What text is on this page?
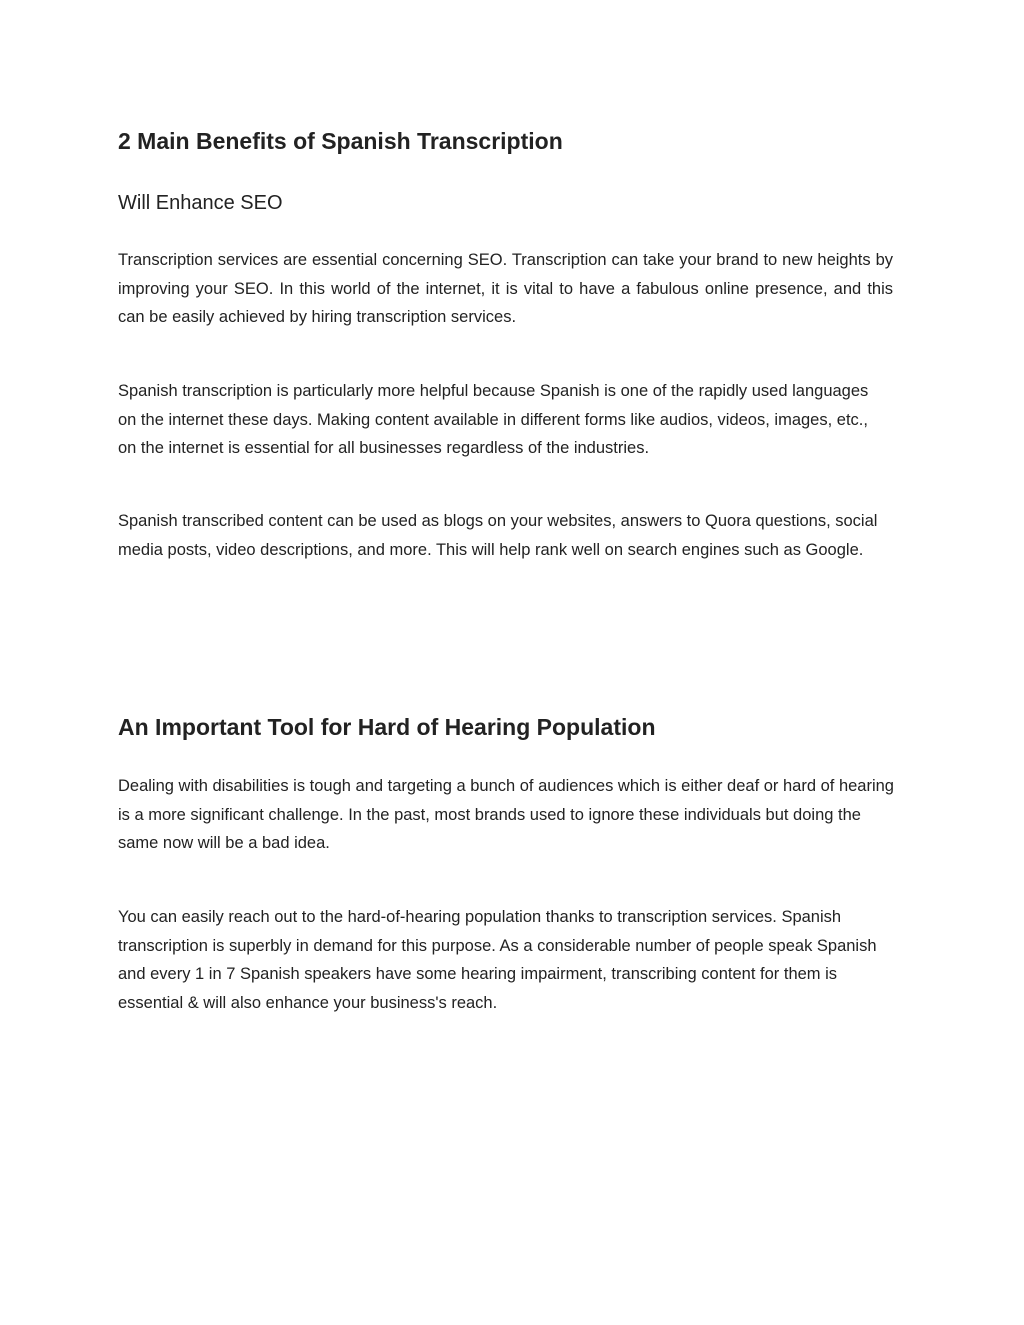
2 Main Benefits of Spanish Transcription
Will Enhance SEO

Transcription services are essential concerning SEO. Transcription can take your brand to new heights by improving your SEO. In this world of the internet, it is vital to have a fabulous online presence, and this can be easily achieved by hiring transcription services.

Spanish transcription is particularly more helpful because Spanish is one of the rapidly used languages on the internet these days. Making content available in different forms like audios, videos, images, etc., on the internet is essential for all businesses regardless of the industries.

Spanish transcribed content can be used as blogs on your websites, answers to Quora questions, social media posts, video descriptions, and more. This will help rank well on search engines such as Google.

An Important Tool for Hard of Hearing Population

Dealing with disabilities is tough and targeting a bunch of audiences which is either deaf or hard of hearing is a more significant challenge. In the past, most brands used to ignore these individuals but doing the same now will be a bad idea.

You can easily reach out to the hard-of-hearing population thanks to transcription services. Spanish transcription is superbly in demand for this purpose. As a considerable number of people speak Spanish and every 1 in 7 Spanish speakers have some hearing impairment, transcribing content for them is essential & will also enhance your business's reach.
